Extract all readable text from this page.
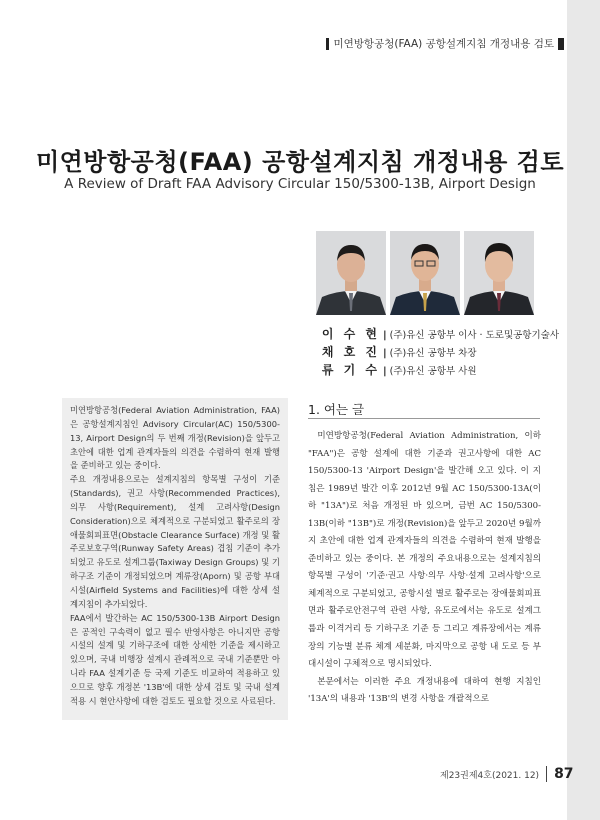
미연방항공청(FAA) 공항설계지침 개정내용 검토
미연방항공청(FAA) 공항설계지침 개정내용 검토
A Review of Draft FAA Advisory Circular 150/5300-13B, Airport Design
이 수 현 | (주)유신 공항부 이사 · 도로및공항기술사
채 호 진 | (주)유신 공항부 차장
류 기 수 | (주)유신 공항부 사원

미연방항공청(Federal Aviation Administration, FAA)은 공항설계지침인 Advisory Circular(AC) 150/5300-13, Airport Design의 두 번째 개정(Revision)을 앞두고 초안에 대한 업계 관계자들의 의견을 수렴하여 현재 발행을 준비하고 있는 중이다.

주요 개정내용으로는 설계지침의 항목별 구성이 기준(Standards), 권고 사항(Recommended Practices), 의무 사항(Requirement), 설계 고려사항(Design Consideration)으로 체계적으로 구분되었고 활주로의 장애물회피표면(Obstacle Clearance Surface) 개정 및 활주로보호구역(Runway Safety Areas) 겹침 기준이 추가되었고 유도로 설계그룹(Taxiway Design Groups) 및 기하구조 기준이 개정되었으며 계류장(Aporn) 및 공항 부대시설(Airfield Systems and Facilities)에 대한 상세 설계지침이 추가되었다.

FAA에서 발간하는 AC 150/5300-13B Airport Design은 공적인 구속력이 없고 필수 반영사항은 아니지만 공항시설의 설계 및 기하구조에 대한 상세한 기준을 제시하고 있으며, 국내 비행장 설계시 관례적으로 국내 기준뿐만 아니라 FAA 설계기준 등 국제 기준도 비교하여 적용하고 있으므로 향후 개정본 '13B'에 대한 상세 검토 및 국내 설계 적용 시 현안사항에 대한 검토도 필요할 것으로 사료된다.

1. 여는 글

미연방항공청(Federal Aviation Administration, 이하 "FAA")은 공항 설계에 대한 기준과 권고사항에 대한 AC 150/5300-13 'Airport Design'을 발간해 오고 있다. 이 지침은 1989년 발간 이후 2012년 9월 AC 150/5300-13A(이하 "13A")로 처음 개정된 바 있으며, 금번 AC 150/5300-13B(이하 "13B")로 개정(Revision)을 앞두고 2020년 9월까지 초안에 대한 업계 관계자들의 의견을 수렴하여 현재 발행을 준비하고 있는 중이다. 본 개정의 주요내용으로는 설계지침의 항목별 구성이 '기준·권고 사항·의무 사항·설계 고려사항'으로 체계적으로 구분되었고, 공항시설 별로 활주로는 장애물회피표면과 활주로안전구역 관련 사항, 유도로에서는 유도로 설계그룹과 이격거리 등 기하구조 기준 등 그리고 계류장에서는 계류장의 기능별 분류 체계 세분화, 마지막으로 공항 내 도로 등 부대시설이 구체적으로 명시되었다.

본문에서는 이러한 주요 개정내용에 대하여 현행 지침인 '13A'의 내용과 '13B'의 변경 사항을 개괄적으로

제23권제4호(2021. 12) 87
